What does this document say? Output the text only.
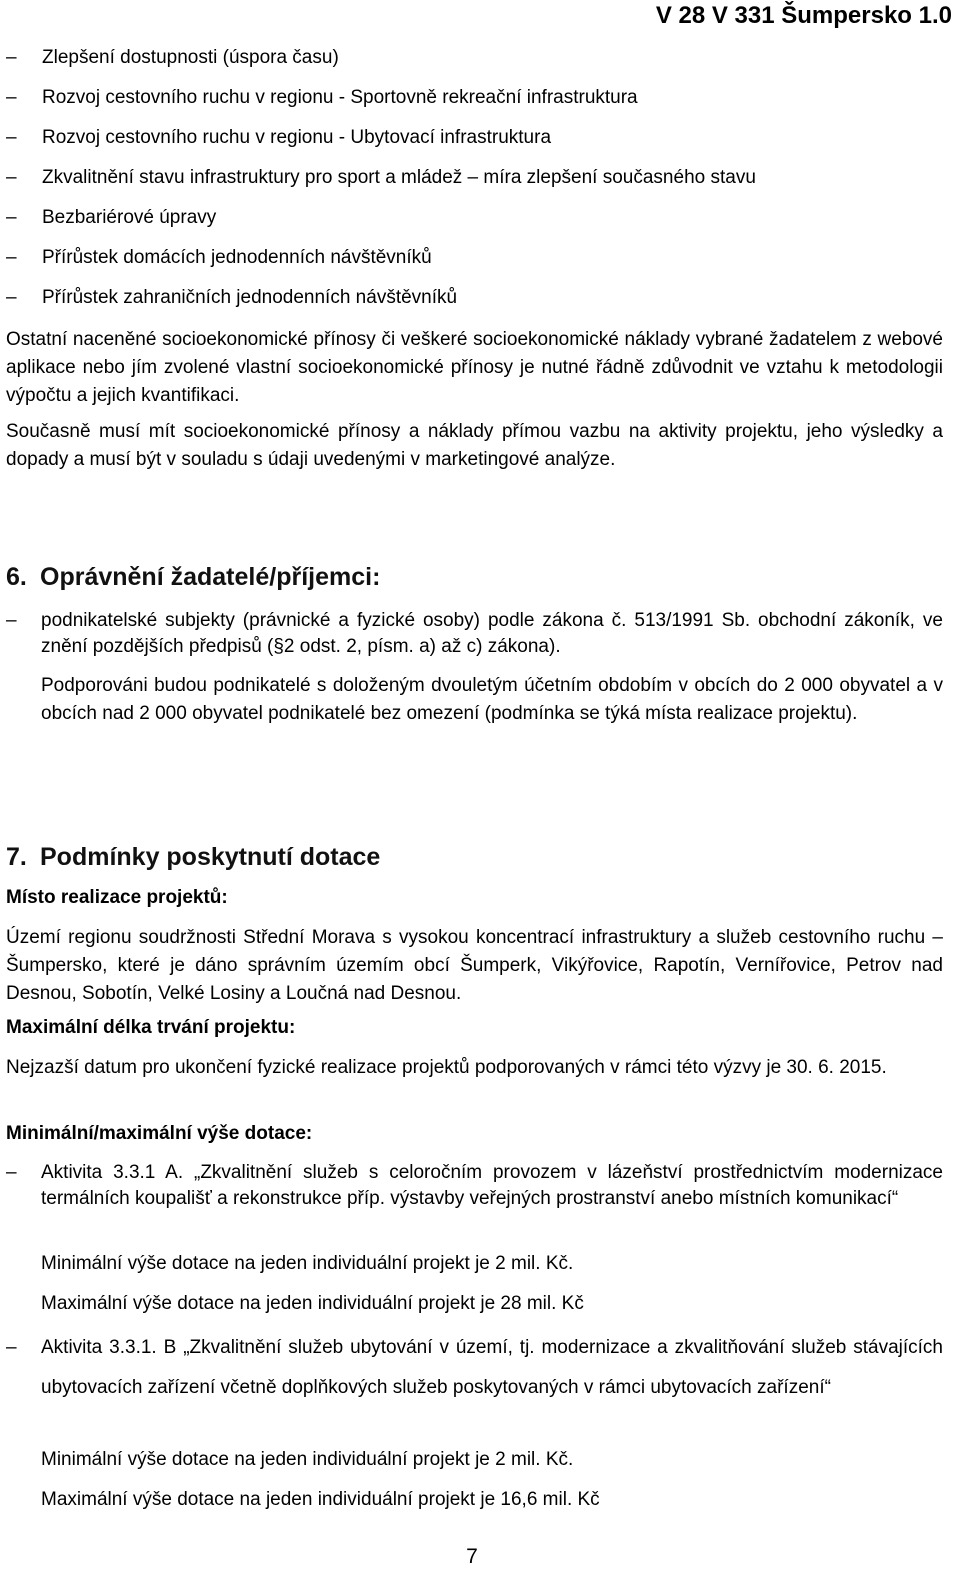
V 28 V 331 Šumpersko 1.0
–	Zlepšení dostupnosti (úspora času)
–	Rozvoj cestovního ruchu v regionu - Sportovně rekreační infrastruktura
–	Rozvoj cestovního ruchu v regionu - Ubytovací infrastruktura
–	Zkvalitnění stavu infrastruktury pro sport a mládež – míra zlepšení současného stavu
–	Bezbariérové úpravy
–	Přírůstek domácích jednodenních návštěvníků
–	Přírůstek zahraničních jednodenních návštěvníků

Ostatní naceněné socioekonomické přínosy či veškeré socioekonomické náklady vybrané žadatelem z webové aplikace nebo jím zvolené vlastní socioekonomické přínosy je nutné řádně zdůvodnit ve vztahu k metodologii výpočtu a jejich kvantifikaci.

Současně musí mít socioekonomické přínosy a náklady přímou vazbu na aktivity projektu, jeho výsledky a dopady a musí být v souladu s údaji uvedenými v marketingové analýze.

6. Oprávnění žadatelé/příjemci:
– podnikatelské subjekty (právnické a fyzické osoby) podle zákona č. 513/1991 Sb. obchodní zákoník, ve znění pozdějších předpisů (§2 odst. 2, písm. a) až c) zákona).

Podporováni budou podnikatelé s doloženým dvouletým účetním obdobím v obcích do 2 000 obyvatel a v obcích nad 2 000 obyvatel podnikatelé bez omezení (podmínka se týká místa realizace projektu).

7. Podmínky poskytnutí dotace
Místo realizace projektů:

Území regionu soudržnosti Střední Morava s vysokou koncentrací infrastruktury a služeb cestovního ruchu – Šumpersko, které je dáno správním územím obcí Šumperk, Vikýřovice, Rapotín, Vernířovice, Petrov nad Desnou, Sobotín, Velké Losiny a Loučná nad Desnou.

Maximální délka trvání projektu:

Nejzazší datum pro ukončení fyzické realizace projektů podporovaných v rámci této výzvy je 30. 6. 2015.

Minimální/maximální výše dotace:
– Aktivita 3.3.1 A. „Zkvalitnění služeb s celoročním provozem v lázeňství prostřednictvím modernizace termálních koupališť a rekonstrukce příp. výstavby veřejných prostranství anebo místních komunikací“
Minimální výše dotace na jeden individuální projekt je 2 mil. Kč.
Maximální výše dotace na jeden individuální projekt je 28 mil. Kč
– Aktivita 3.3.1. B „Zkvalitnění služeb ubytování v území, tj. modernizace a zkvalitňování služeb stávajících ubytovacích zařízení včetně doplňkových služeb poskytovaných v rámci ubytovacích zařízení“
Minimální výše dotace na jeden individuální projekt je 2 mil. Kč.
Maximální výše dotace na jeden individuální projekt je 16,6 mil. Kč
7
